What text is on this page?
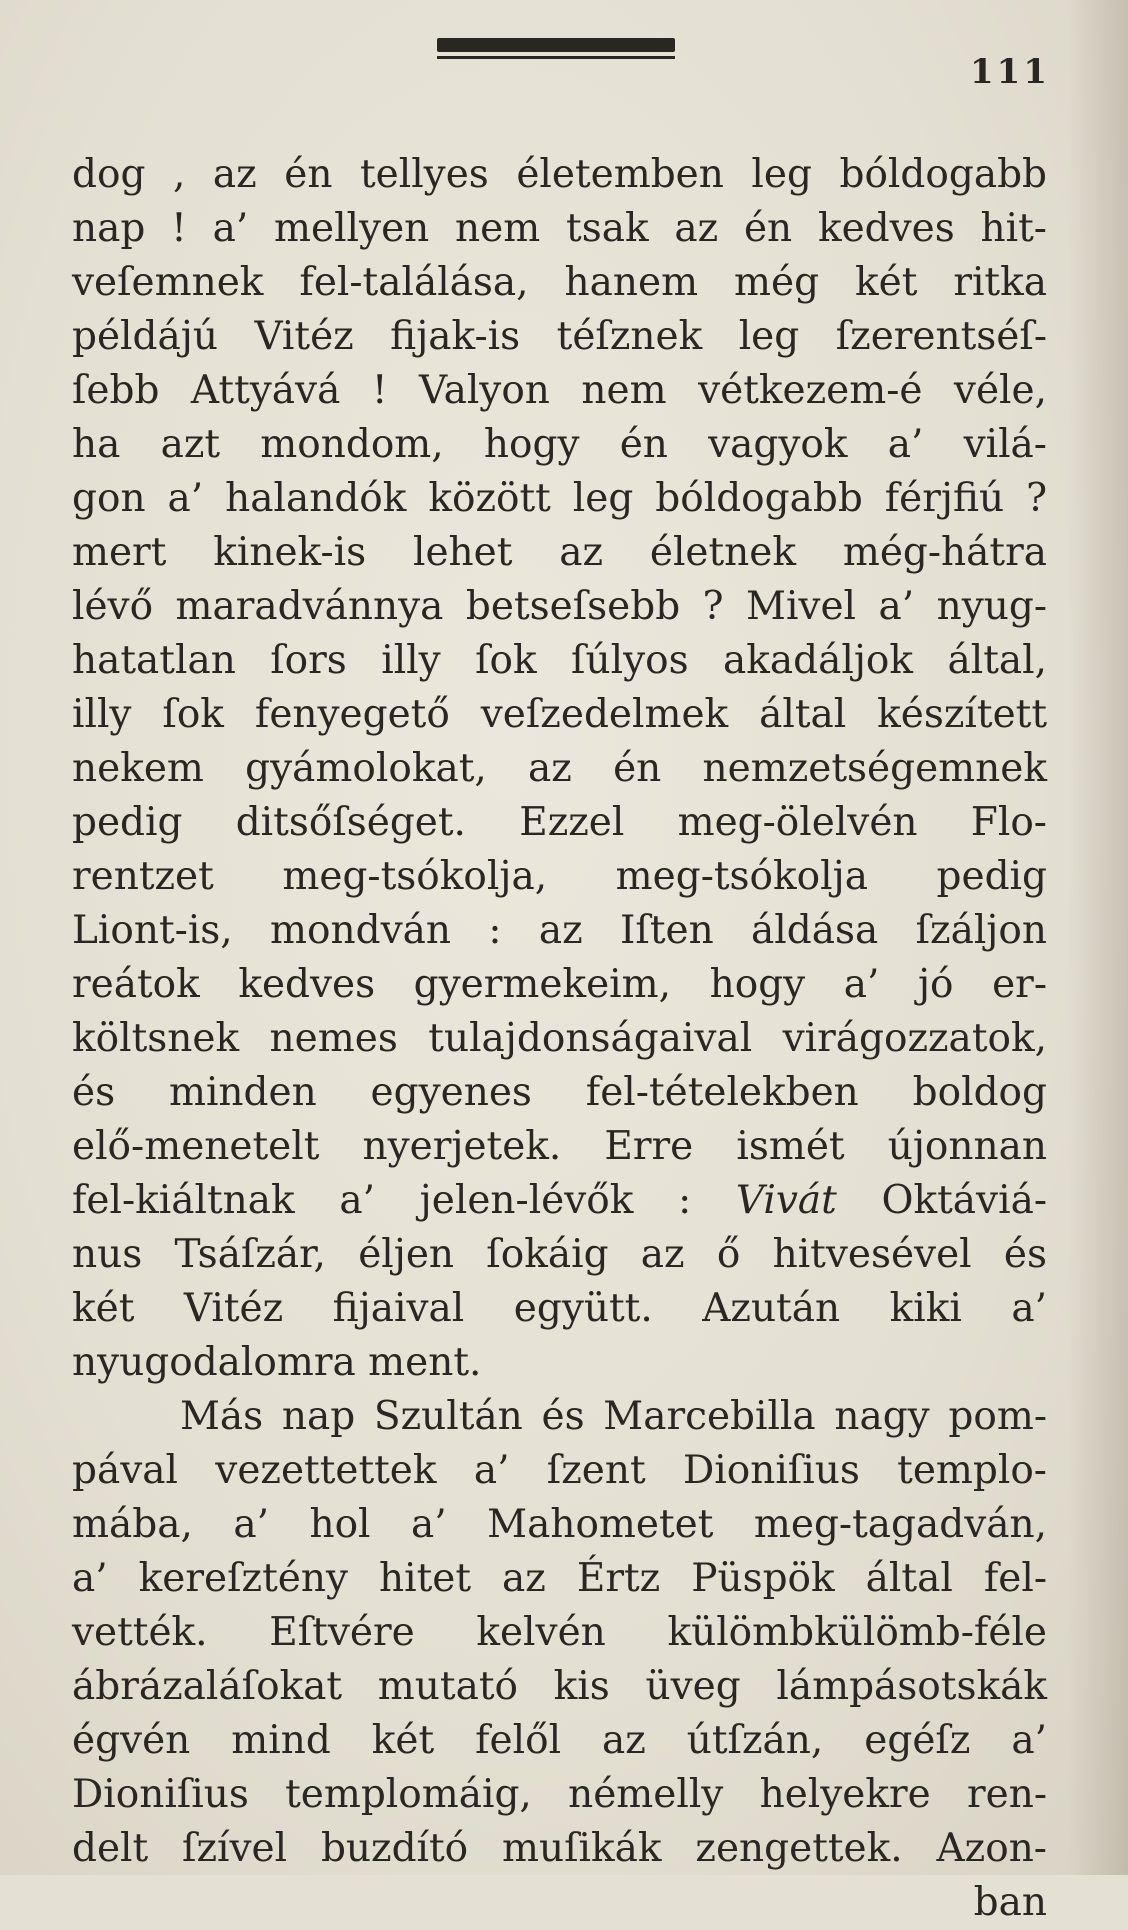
111
dog , az én tellyes életemben leg bóldogabb
nap ! a’ mellyen nem tsak az én kedves hit-
veſemnek fel-találása, hanem még két ritka
példájú Vitéz fijak-is téſznek leg ſzerentséſ-
ſebb Attyává ! Valyon nem vétkezem-é véle,
ha azt mondom, hogy én vagyok a’ vilá-
gon a’ halandók között leg bóldogabb férjfiú ?
mert kinek-is lehet az életnek még-hátra
lévő maradvánnya betseſsebb ? Mivel a’ nyug-
hatatlan ſors illy ſok ſúlyos akadáljok által,
illy ſok fenyegető veſzedelmek által készített
nekem gyámolokat, az én nemzetségemnek
pedig ditsőſséget. Ezzel meg-ölelvén Flo-
rentzet meg-tsókolja, meg-tsókolja pedig
Liont-is, mondván : az Iſten áldása ſzáljon
reátok kedves gyermekeim, hogy a’ jó er-
költsnek nemes tulajdonságaival virágozzatok,
és minden egyenes fel-tételekben boldog
elő-menetelt nyerjetek. Erre ismét újonnan
fel-kiáltnak a’ jelen-lévők : Vivát Oktáviá-
nus Tsáſzár, éljen ſokáig az ő hitvesével és
két Vitéz fijaival együtt. Azután kiki a’
nyugodalomra ment.
Más nap Szultán és Marcebilla nagy pom-
pával vezettettek a’ ſzent Dioniſius templo-
mába, a’ hol a’ Mahometet meg-tagadván,
a’ kereſztény hitet az Értz Püspök által fel-
vették. Eſtvére kelvén külömbkülömb-féle
ábrázaláſokat mutató kis üveg lámpásotskák
égvén mind két felől az útſzán, egéſz a’
Dioniſius templomáig, némelly helyekre ren-
delt ſzível buzdító muſikák zengettek. Azon-
ban
